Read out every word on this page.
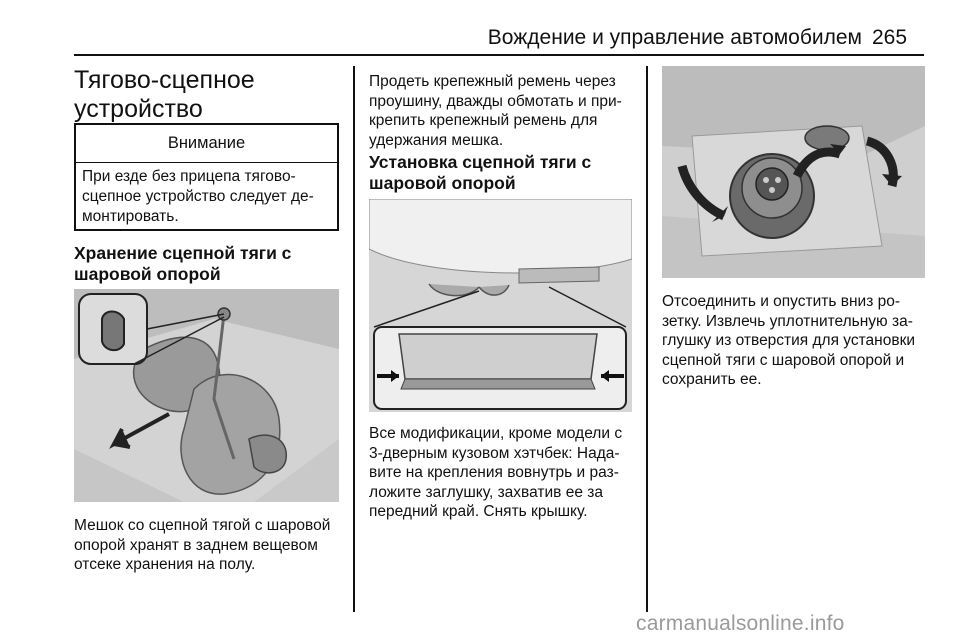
Вождение и управление автомобилем 265
Тягово-сцепное
устройство
Внимание
При езде без прицепа тягово-
сцепное устройство следует де-
монтировать.
Хранение сцепной тяги с
шаровой опорой
Мешок со сцепной тягой с шаровой
опорой хранят в заднем вещевом
отсеке хранения на полу.
Продеть крепежный ремень через
проушину, дважды обмотать и при-
крепить крепежный ремень для
удержания мешка.
Установка сцепной тяги с
шаровой опорой
Все модификации, кроме модели с
3-дверным кузовом хэтчбек: Нада-
вите на крепления вовнутрь и раз-
ложите заглушку, захватив ее за
передний край. Снять крышку.
Отсоединить и опустить вниз ро-
зетку. Извлечь уплотнительную за-
глушку из отверстия для установки
сцепной тяги с шаровой опорой и
сохранить ее.
carmanualsonline.info
